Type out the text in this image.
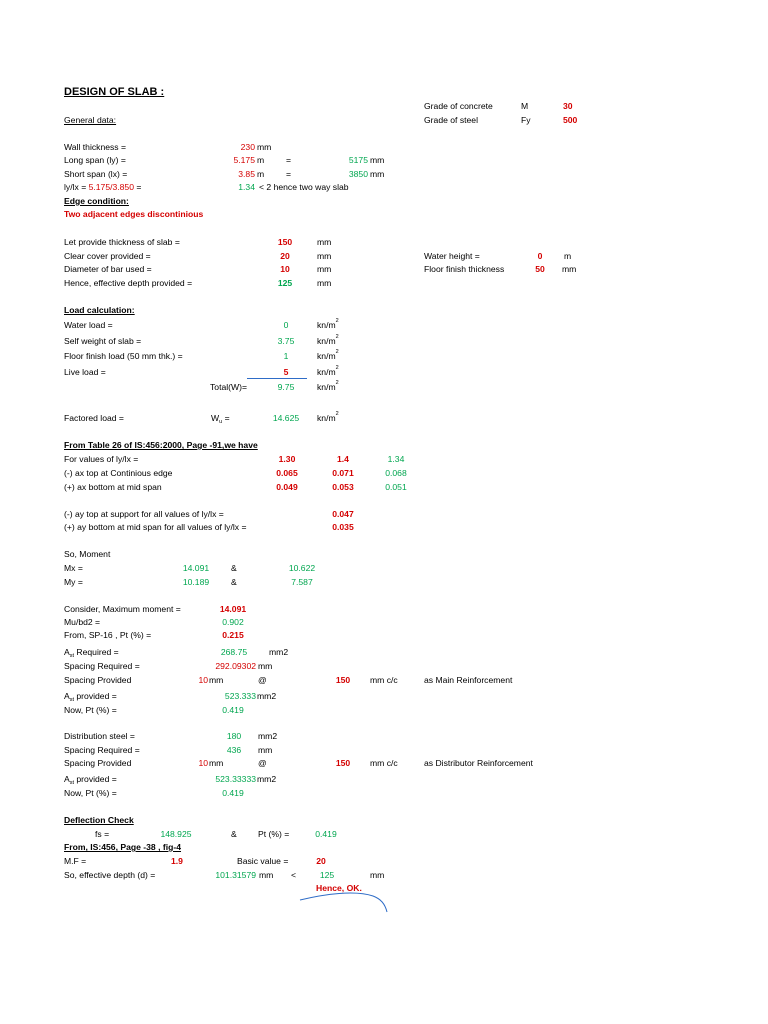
DESIGN OF SLAB :
General data:
Grade of concrete	M	30
Grade of steel	Fy	500
Wall thickness =	230 mm
Long span (ly) =	5.175 m	=	5175 mm
Short span (lx) =	3.85 m	=	3850 mm
ly/lx = 5.175/3.850 =	1.34 < 2 hence two way slab
Edge condition:
Two adjacent edges discontinious
Let provide thickness of slab =	150	mm
Clear cover provided =	20	mm
Diameter of bar used =	10	mm
Hence, effective depth provided =	125	mm
Water height =	0	m
Floor finish thickness	50	mm
Load calculation:
Water load =	0	$kn/m^2$
Self weight of slab =	3.75	$kn/m^2$
Floor finish load (50 mm thk.) =	1	$kn/m^2$
Live load =	5	$kn/m^2$
Total(W)=	9.75	$kn/m^2$
Factored load =	$W_u$ =	14.625	$kn/m^2$
From Table 26 of IS:456:2000, Page -91,we have
For values of ly/lx =	1.30	1.4	1.34
(-) ax top at Continious edge	0.065	0.071	0.068
(+) ax bottom at mid span	0.049	0.053	0.051
(-) ay top at support for all values of ly/lx =	0.047
(+) ay bottom at mid span for all values of ly/lx =	0.035
So, Moment
Mx =	14.091	&	10.622
My =	10.189	&	7.587
Consider, Maximum moment =	14.091
Mu/bd2 =	0.902
From, SP-16 , Pt (%) =	0.215
$A_{st}$ Required =	268.75	mm2
Spacing Required =	292.09302 mm
Spacing Provided	10 mm	@	150	mm c/c	as Main Reinforcement
$A_{st}$ provided =	523.333 mm2
Now, Pt (%) =	0.419
Distribution steel =	180	mm2
Spacing Required =	436	mm
Spacing Provided	10 mm	@	150	mm c/c	as Distributor Reinforcement
$A_{st}$ provided =	523.33333 mm2
Now, Pt (%) =	0.419
Deflection Check
fs =	148.925	& Pt (%) =	0.419
From, IS:456, Page -38 , fig-4
M.F =	1.9	Basic value =	20
So, effective depth (d) =	101.31579 mm <	125	mm
Hence, OK.
